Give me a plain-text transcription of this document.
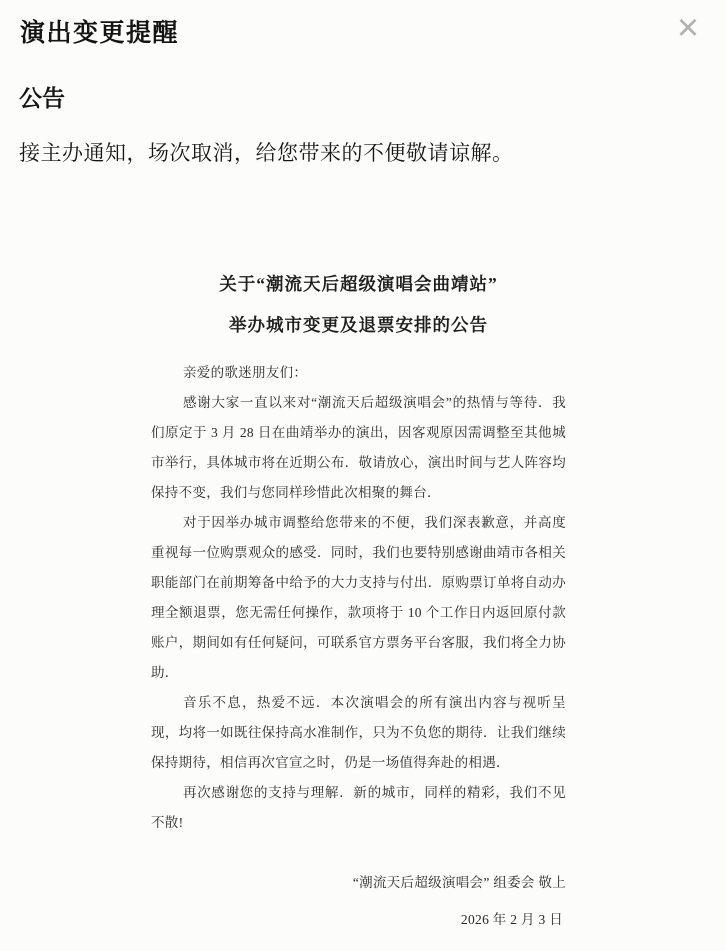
演出变更提醒	×
公告

接主办通知，场次取消，给您带来的不便敬请谅解。

关于“潮流天后超级演唱会曲靖站”
举办城市变更及退票安排的公告

亲爱的歌迷朋友们：

感谢大家一直以来对“潮流天后超级演唱会”的热情与等待．我们原定于 3 月 28 日在曲靖举办的演出，因客观原因需调整至其他城市举行，具体城市将在近期公布．敬请放心，演出时间与艺人阵容均保持不变，我们与您同样珍惜此次相聚的舞台．

对于因举办城市调整给您带来的不便，我们深表歉意，并高度重视每一位购票观众的感受．同时，我们也要特别感谢曲靖市各相关职能部门在前期筹备中给予的大力支持与付出．原购票订单将自动办理全额退票，您无需任何操作，款项将于 10 个工作日内返回原付款账户，期间如有任何疑问，可联系官方票务平台客服，我们将全力协助．

音乐不息，热爱不远．本次演唱会的所有演出内容与视听呈现，均将一如既往保持高水准制作，只为不负您的期待．让我们继续保持期待，相信再次官宣之时，仍是一场值得奔赴的相遇．

再次感谢您的支持与理解．新的城市，同样的精彩，我们不见不散!

“潮流天后超级演唱会” 组委会 敬上

2026 年 2 月 3 日
